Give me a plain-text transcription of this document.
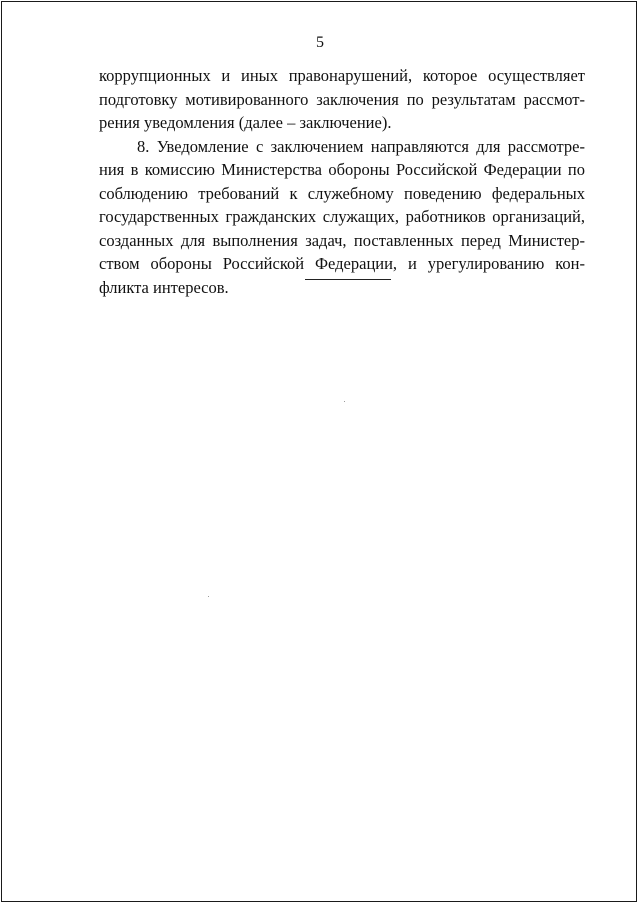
5
коррупционных и иных правонарушений, которое осуществляет
подготовку мотивированного заключения по результатам рассмот-
рения уведомления (далее – заключение).
8. Уведомление с заключением направляются для рассмотре-
ния в комиссию Министерства обороны Российской Федерации по
соблюдению требований к служебному поведению федеральных
государственных гражданских служащих, работников организаций,
созданных для выполнения задач, поставленных перед Министер-
ством обороны Российской Федерации, и урегулированию кон-
фликта интересов.
